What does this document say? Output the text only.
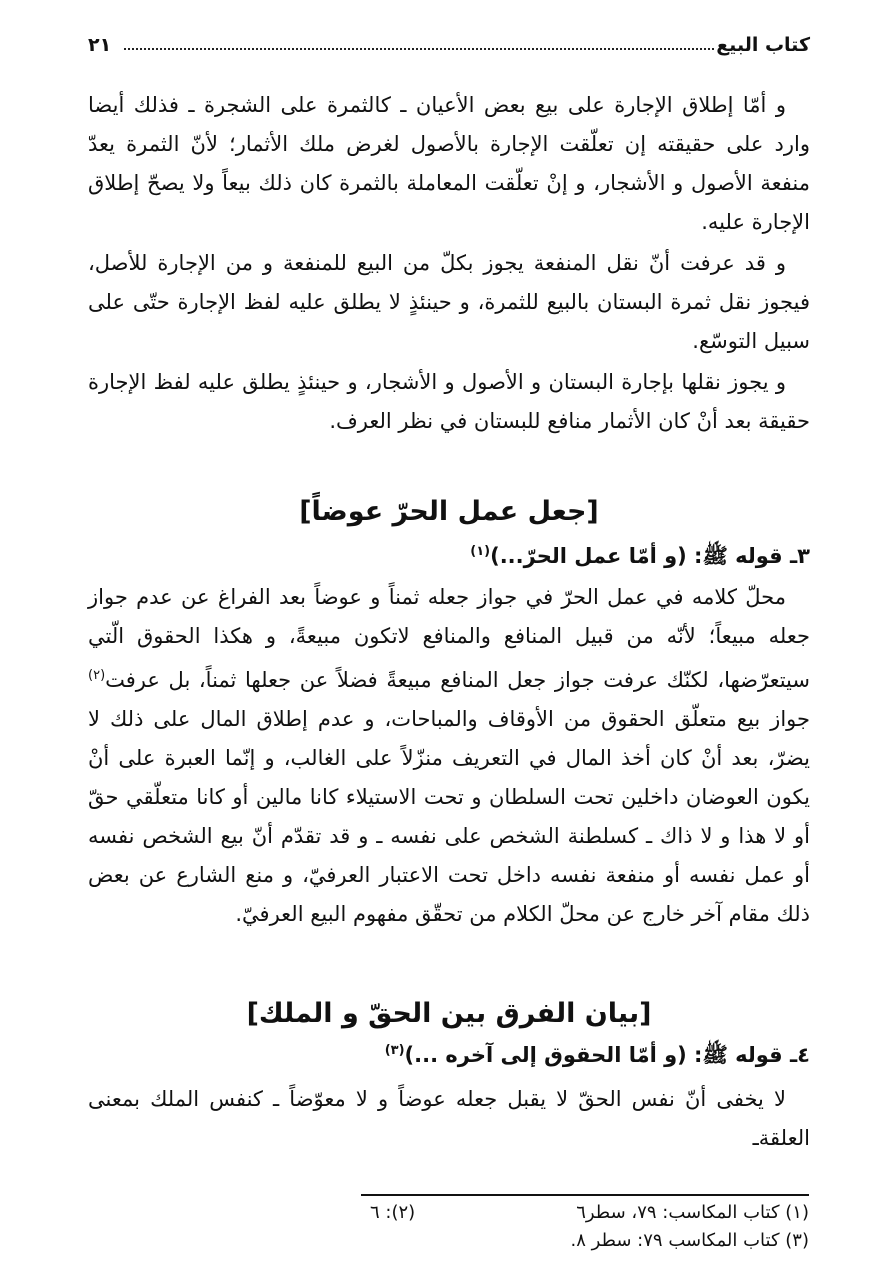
كتاب البيع
٢١

و أمّا إطلاق الإجارة على بيع بعض الأعيان ـ كالثمرة على الشجرة ـ فذلك أيضا وارد على حقيقته إن تعلّقت الإجارة بالأصول لغرض ملك الأثمار؛ لأنّ الثمرة يعدّ منفعة الأصول و الأشجار، و إنْ تعلّقت المعاملة بالثمرة كان ذلك بيعاً ولا يصحّ إطلاق الإجارة عليه.

و قد عرفت أنّ نقل المنفعة يجوز بكلّ من البيع للمنفعة و من الإجارة للأصل، فيجوز نقل ثمرة البستان بالبيع للثمرة، و حينئذٍ لا يطلق عليه لفظ الإجارة حتّى على سبيل التوسّع.

و يجوز نقلها بإجارة البستان و الأصول و الأشجار، و حينئذٍ يطلق عليه لفظ الإجارة حقيقة بعد أنْ كان الأثمار منافع للبستان في نظر العرف.

[جعل عمل الحرّ عوضاً]
٣ـ قوله ﷺ: (و أمّا عمل الحرّ...)$^{(١)}$

محلّ كلامه في عمل الحرّ في جواز جعله ثمناً و عوضاً بعد الفراغ عن عدم جواز جعله مبيعاً؛ لأنّه من قبيل المنافع والمنافع لاتكون مبيعةً، و هكذا الحقوق الّتي سيتعرّضها، لكنّك عرفت جواز جعل المنافع مبيعةً فضلاً عن جعلها ثمناً، بل عرفت$^{(٢)}$ جواز بيع متعلّق الحقوق من الأوقاف والمباحات، و عدم إطلاق المال على ذلك لا يضرّ، بعد أنْ كان أخذ المال في التعريف منزّلاً على الغالب، و إنّما العبرة على أنْ يكون العوضان داخلين تحت السلطان و تحت الاستيلاء كانا مالين أو كانا متعلّقي حقّ أو لا هذا و لا ذاك ـ كسلطنة الشخص على نفسه ـ و قد تقدّم أنّ بيع الشخص نفسه أو عمل نفسه أو منفعة نفسه داخل تحت الاعتبار العرفيّ، و منع الشارع عن بعض ذلك مقام آخر خارج عن محلّ الكلام من تحقّق مفهوم البيع العرفيّ.

[بيان الفرق بين الحقّ و الملك]
٤ـ قوله ﷺ: (و أمّا الحقوق إلى آخره ...)$^{(٣)}$

لا يخفى أنّ نفس الحقّ لا يقبل جعله عوضاً و لا معوّضاً ـ كنفس الملك بمعنى العلقةـ

(١) كتاب المكاسب: ٧٩، سطر٦
(٢): ٦
(٣) كتاب المكاسب ٧٩: سطر ٨.
